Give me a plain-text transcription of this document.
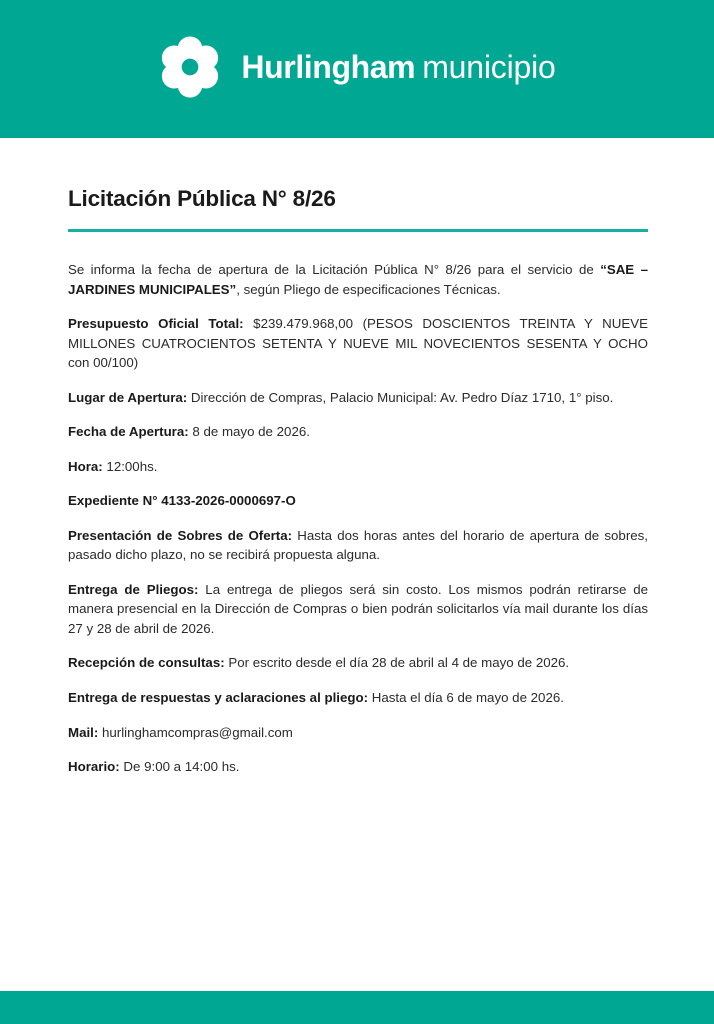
Hurlingham municipio
Licitación Pública N° 8/26

Se informa la fecha de apertura de la Licitación Pública N° 8/26 para el servicio de “SAE – JARDINES MUNICIPALES”, según Pliego de especificaciones Técnicas.

Presupuesto Oficial Total: $239.479.968,00 (PESOS DOSCIENTOS TREINTA Y NUEVE MILLONES CUATROCIENTOS SETENTA Y NUEVE MIL NOVECIENTOS SESENTA Y OCHO con 00/100)

Lugar de Apertura: Dirección de Compras, Palacio Municipal: Av. Pedro Díaz 1710, 1° piso.

Fecha de Apertura: 8 de mayo de 2026.

Hora: 12:00hs.

Expediente N° 4133-2026-0000697-O

Presentación de Sobres de Oferta: Hasta dos horas antes del horario de apertura de sobres, pasado dicho plazo, no se recibirá propuesta alguna.

Entrega de Pliegos: La entrega de pliegos será sin costo. Los mismos podrán retirarse de manera presencial en la Dirección de Compras o bien podrán solicitarlos vía mail durante los días 27 y 28 de abril de 2026.

Recepción de consultas: Por escrito desde el día 28 de abril al 4 de mayo de 2026.

Entrega de respuestas y aclaraciones al pliego: Hasta el día 6 de mayo de 2026.

Mail: hurlinghamcompras@gmail.com

Horario: De 9:00 a 14:00 hs.
